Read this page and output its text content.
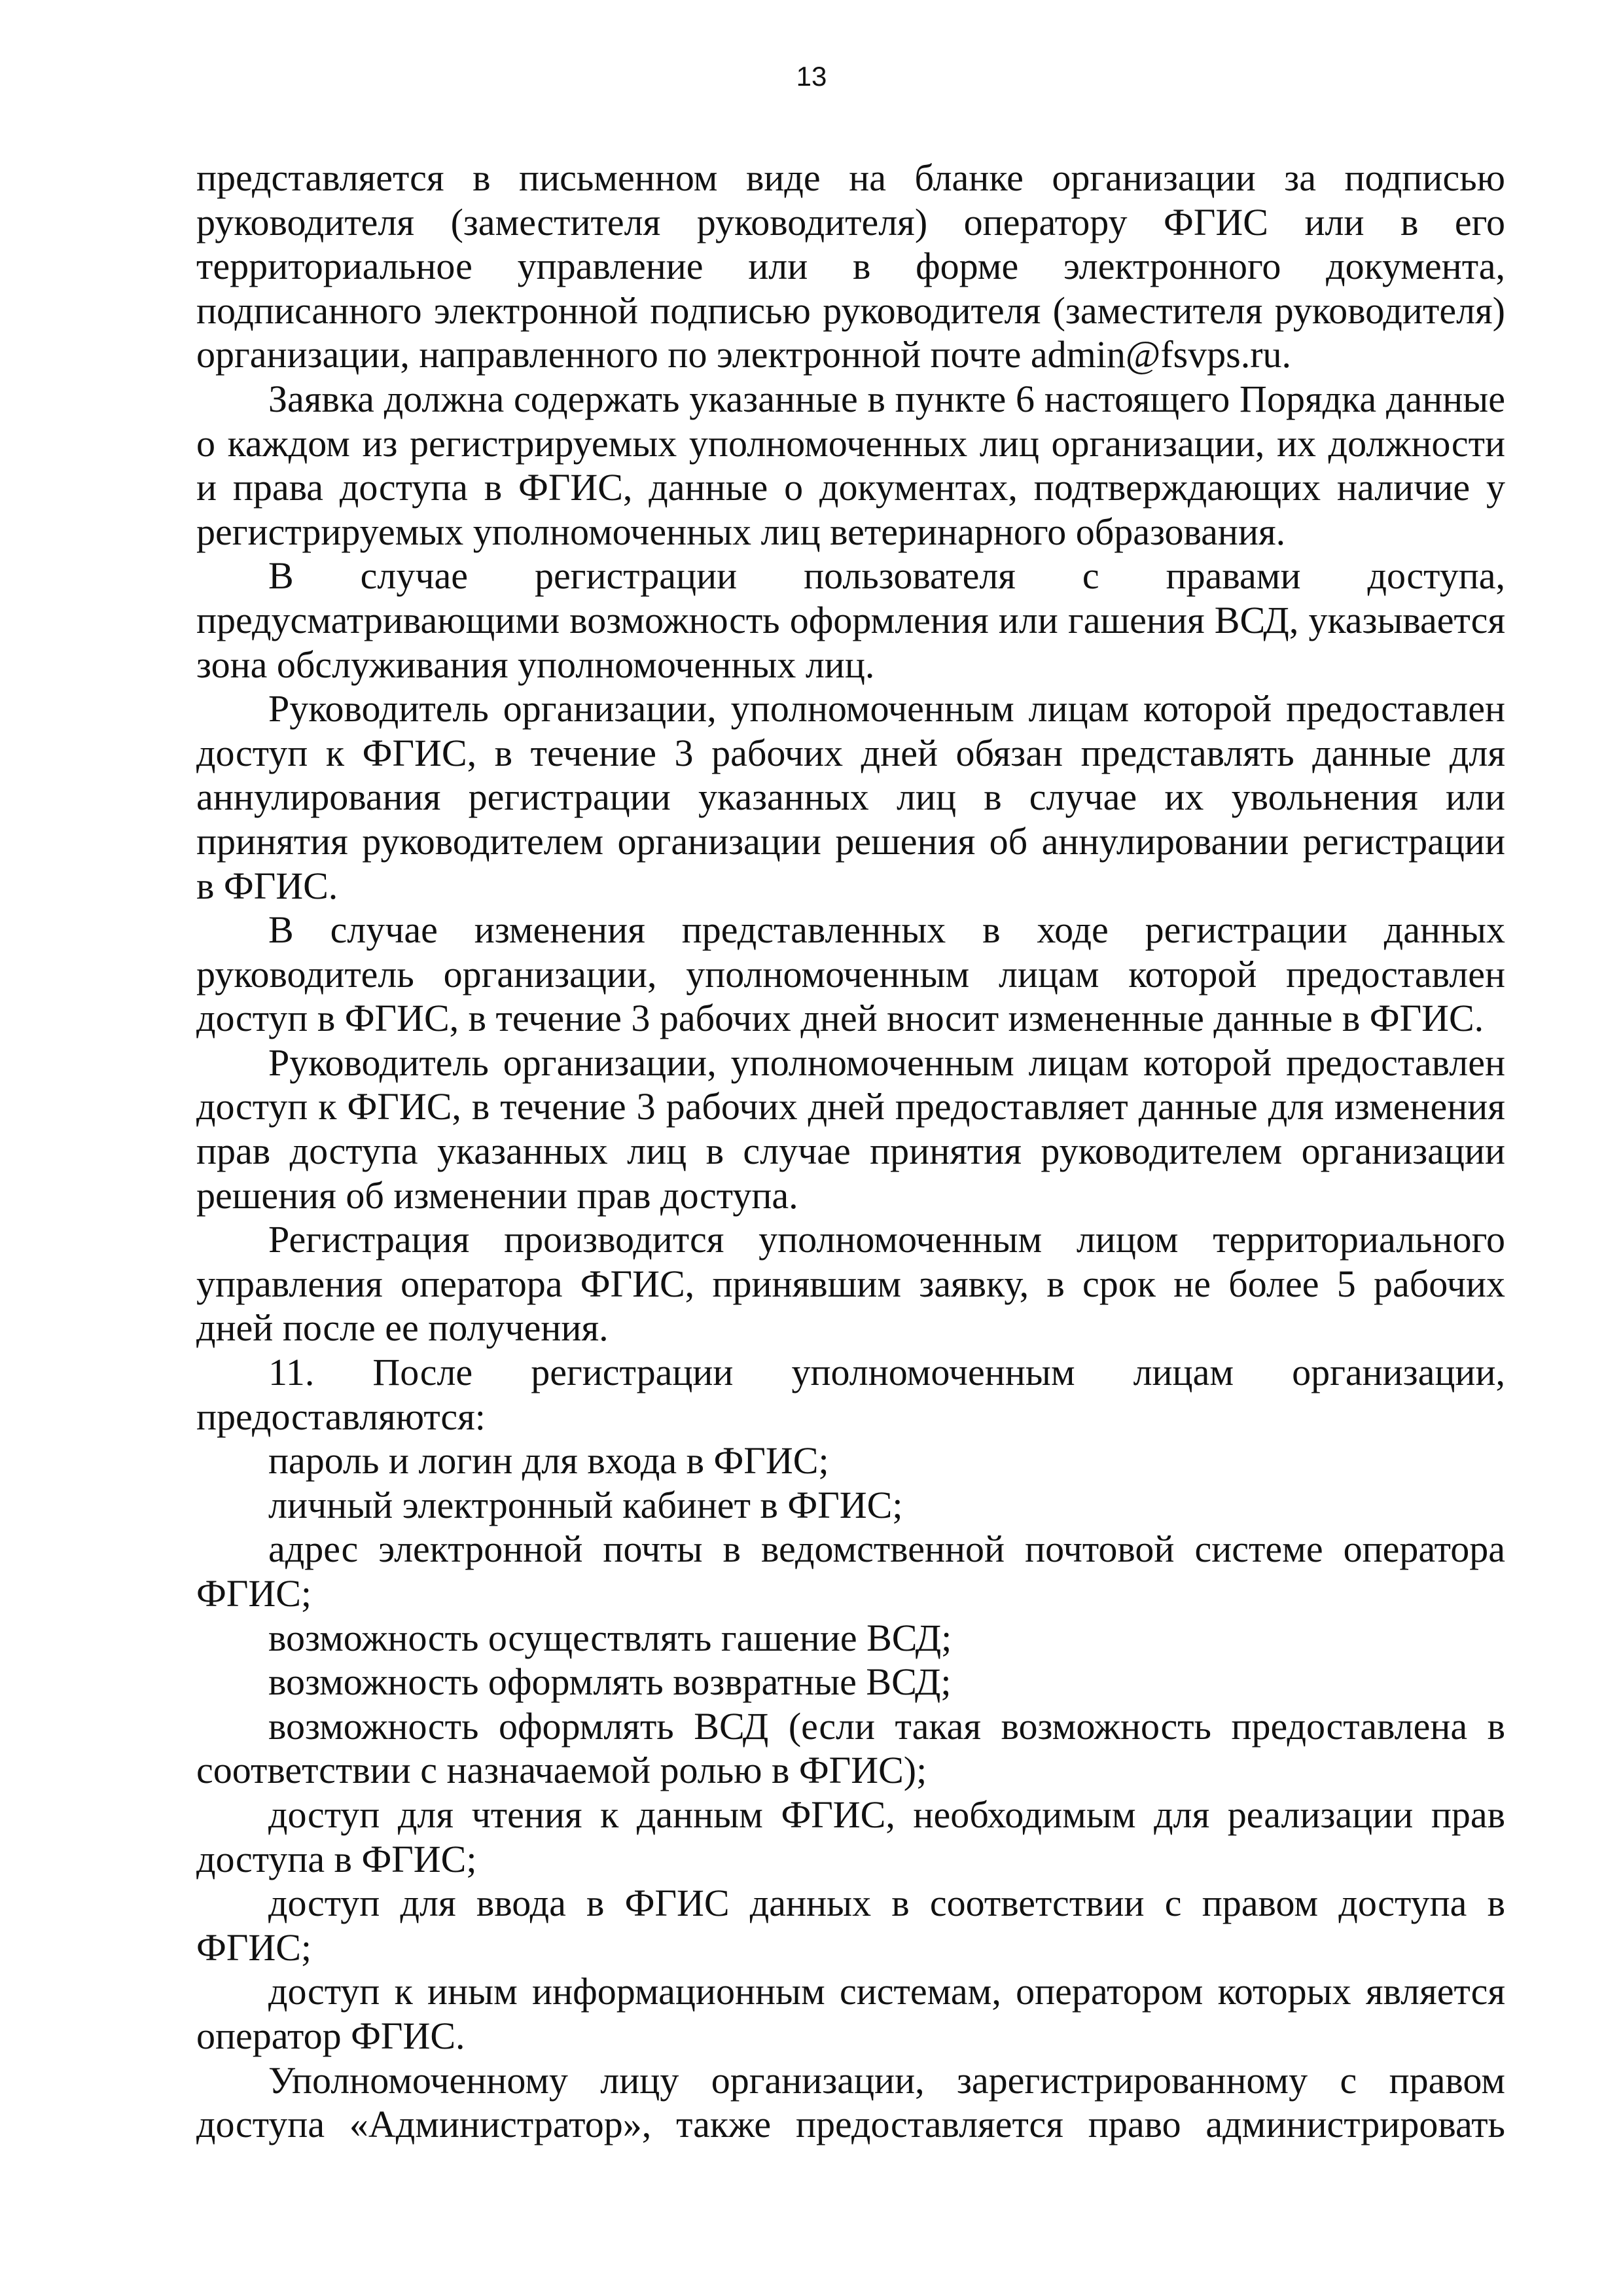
13

представляется в письменном виде на бланке организации за подписью руководителя (заместителя руководителя) оператору ФГИС или в его территориальное управление или в форме электронного документа, подписанного электронной подписью руководителя (заместителя руководителя) организации, направленного по электронной почте admin@fsvps.ru.

Заявка должна содержать указанные в пункте 6 настоящего Порядка данные о каждом из регистрируемых уполномоченных лиц организации, их должности и права доступа в ФГИС, данные о документах, подтверждающих наличие у регистрируемых уполномоченных лиц ветеринарного образования.

В случае регистрации пользователя с правами доступа, предусматривающими возможность оформления или гашения ВСД, указывается зона обслуживания уполномоченных лиц.

Руководитель организации, уполномоченным лицам которой предоставлен доступ к ФГИС, в течение 3 рабочих дней обязан представлять данные для аннулирования регистрации указанных лиц в случае их увольнения или принятия руководителем организации решения об аннулировании регистрации в ФГИС.

В случае изменения представленных в ходе регистрации данных руководитель организации, уполномоченным лицам которой предоставлен доступ в ФГИС, в течение 3 рабочих дней вносит измененные данные в ФГИС.

Руководитель организации, уполномоченным лицам которой предоставлен доступ к ФГИС, в течение 3 рабочих дней предоставляет данные для изменения прав доступа указанных лиц в случае принятия руководителем организации решения об изменении прав доступа.

Регистрация производится уполномоченным лицом территориального управления оператора ФГИС, принявшим заявку, в срок не более 5 рабочих дней после ее получения.

11. После регистрации уполномоченным лицам организации, предоставляются:

пароль и логин для входа в ФГИС;

личный электронный кабинет в ФГИС;

адрес электронной почты в ведомственной почтовой системе оператора ФГИС;

возможность осуществлять гашение ВСД;

возможность оформлять возвратные ВСД;

возможность оформлять ВСД (если такая возможность предоставлена в соответствии с назначаемой ролью в ФГИС);

доступ для чтения к данным ФГИС, необходимым для реализации прав доступа в ФГИС;

доступ для ввода в ФГИС данных в соответствии с правом доступа в ФГИС;

доступ к иным информационным системам, оператором которых является оператор ФГИС.

Уполномоченному лицу организации, зарегистрированному с правом доступа «Администратор», также предоставляется право администрировать
